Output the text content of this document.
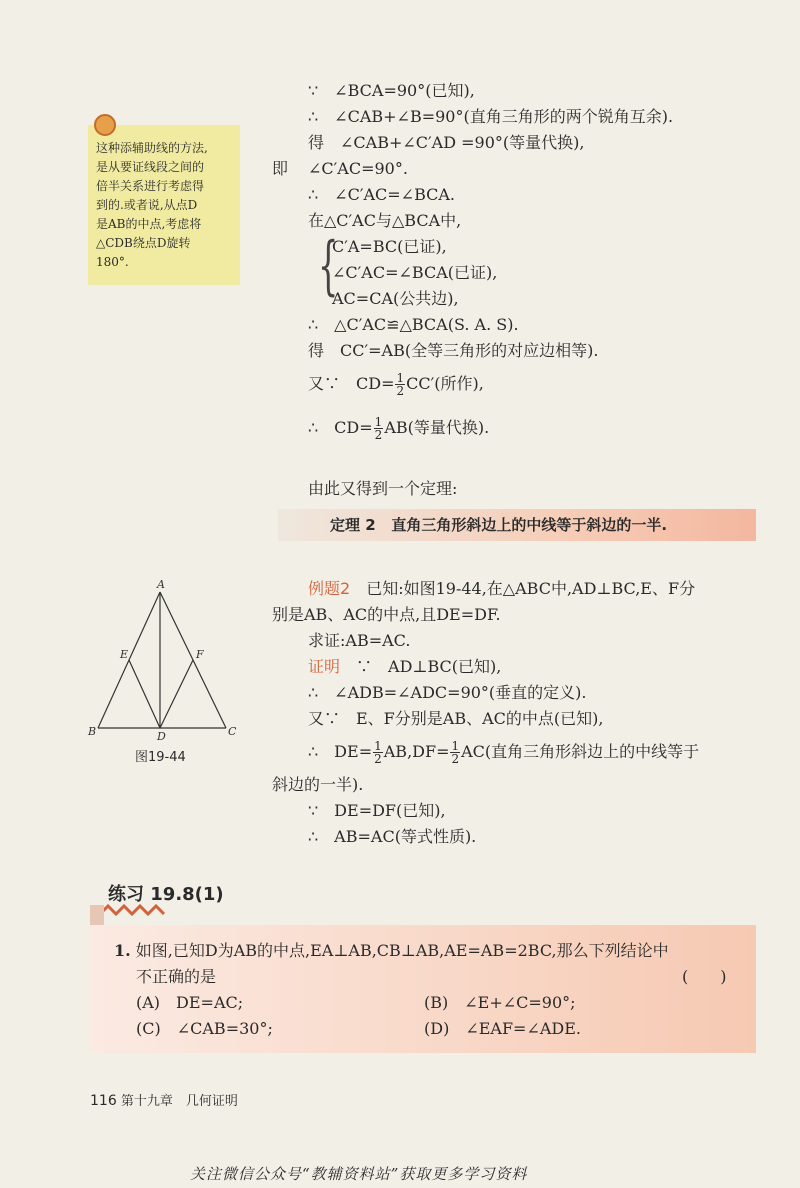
这种添辅助线的方法,
是从要证线段之间的
倍半关系进行考虑得
到的.或者说,从点D
是AB的中点,考虑将
△CDB绕点D旋转
180°.
∵　∠BCA=90°(已知),
∴　∠CAB+∠B=90°(直角三角形的两个锐角互余).
得　∠CAB+∠C′AD =90°(等量代换),
即 ∠C′AC=90°.
∴　∠C′AC=∠BCA.
在△C′AC与△BCA中,
{
C′A=BC(已证),
∠C′AC=∠BCA(已证),
AC=CA(公共边),
∴　△C′AC≌△BCA(S. A. S).
得　CC′=AB(全等三角形的对应边相等).
又∵　$CD= \frac{1}{2} CC'$(所作),
∴　$CD= \frac{1}{2} AB$(等量代换).
由此又得到一个定理:
定理 2 直角三角形斜边上的中线等于斜边的一半.
A
B	C
D
E	F
图19-44
例题2　 已知:如图19-44,在△ABC中,AD⊥BC,E、F分
别是AB、AC的中点,且DE=DF.
求证:AB=AC.
证明　 ∵　AD⊥BC(已知),
∴　∠ADB=∠ADC=90°(垂直的定义).
又∵　E、F分别是AB、AC的中点(已知),
∴　$DE= \frac{1}{2} AB,DF= \frac{1}{2} AC$(直角三角形斜边上的中线等于
斜边的一半).
∵　DE=DF(已知),
∴　AB=AC(等式性质).
练习 19.8(1)
1. 如图,已知D为AB的中点,EA⊥AB,CB⊥AB,AE=AB=2BC,那么下列结论中
不正确的是	(　　)
(A)　DE=AC;	(B)　∠E+∠C=90°;
(C)　∠CAB=30°;	(D)　∠EAF=∠ADE.
116 第十九章　几何证明
关注微信公众号“教辅资料站”获取更多学习资料
